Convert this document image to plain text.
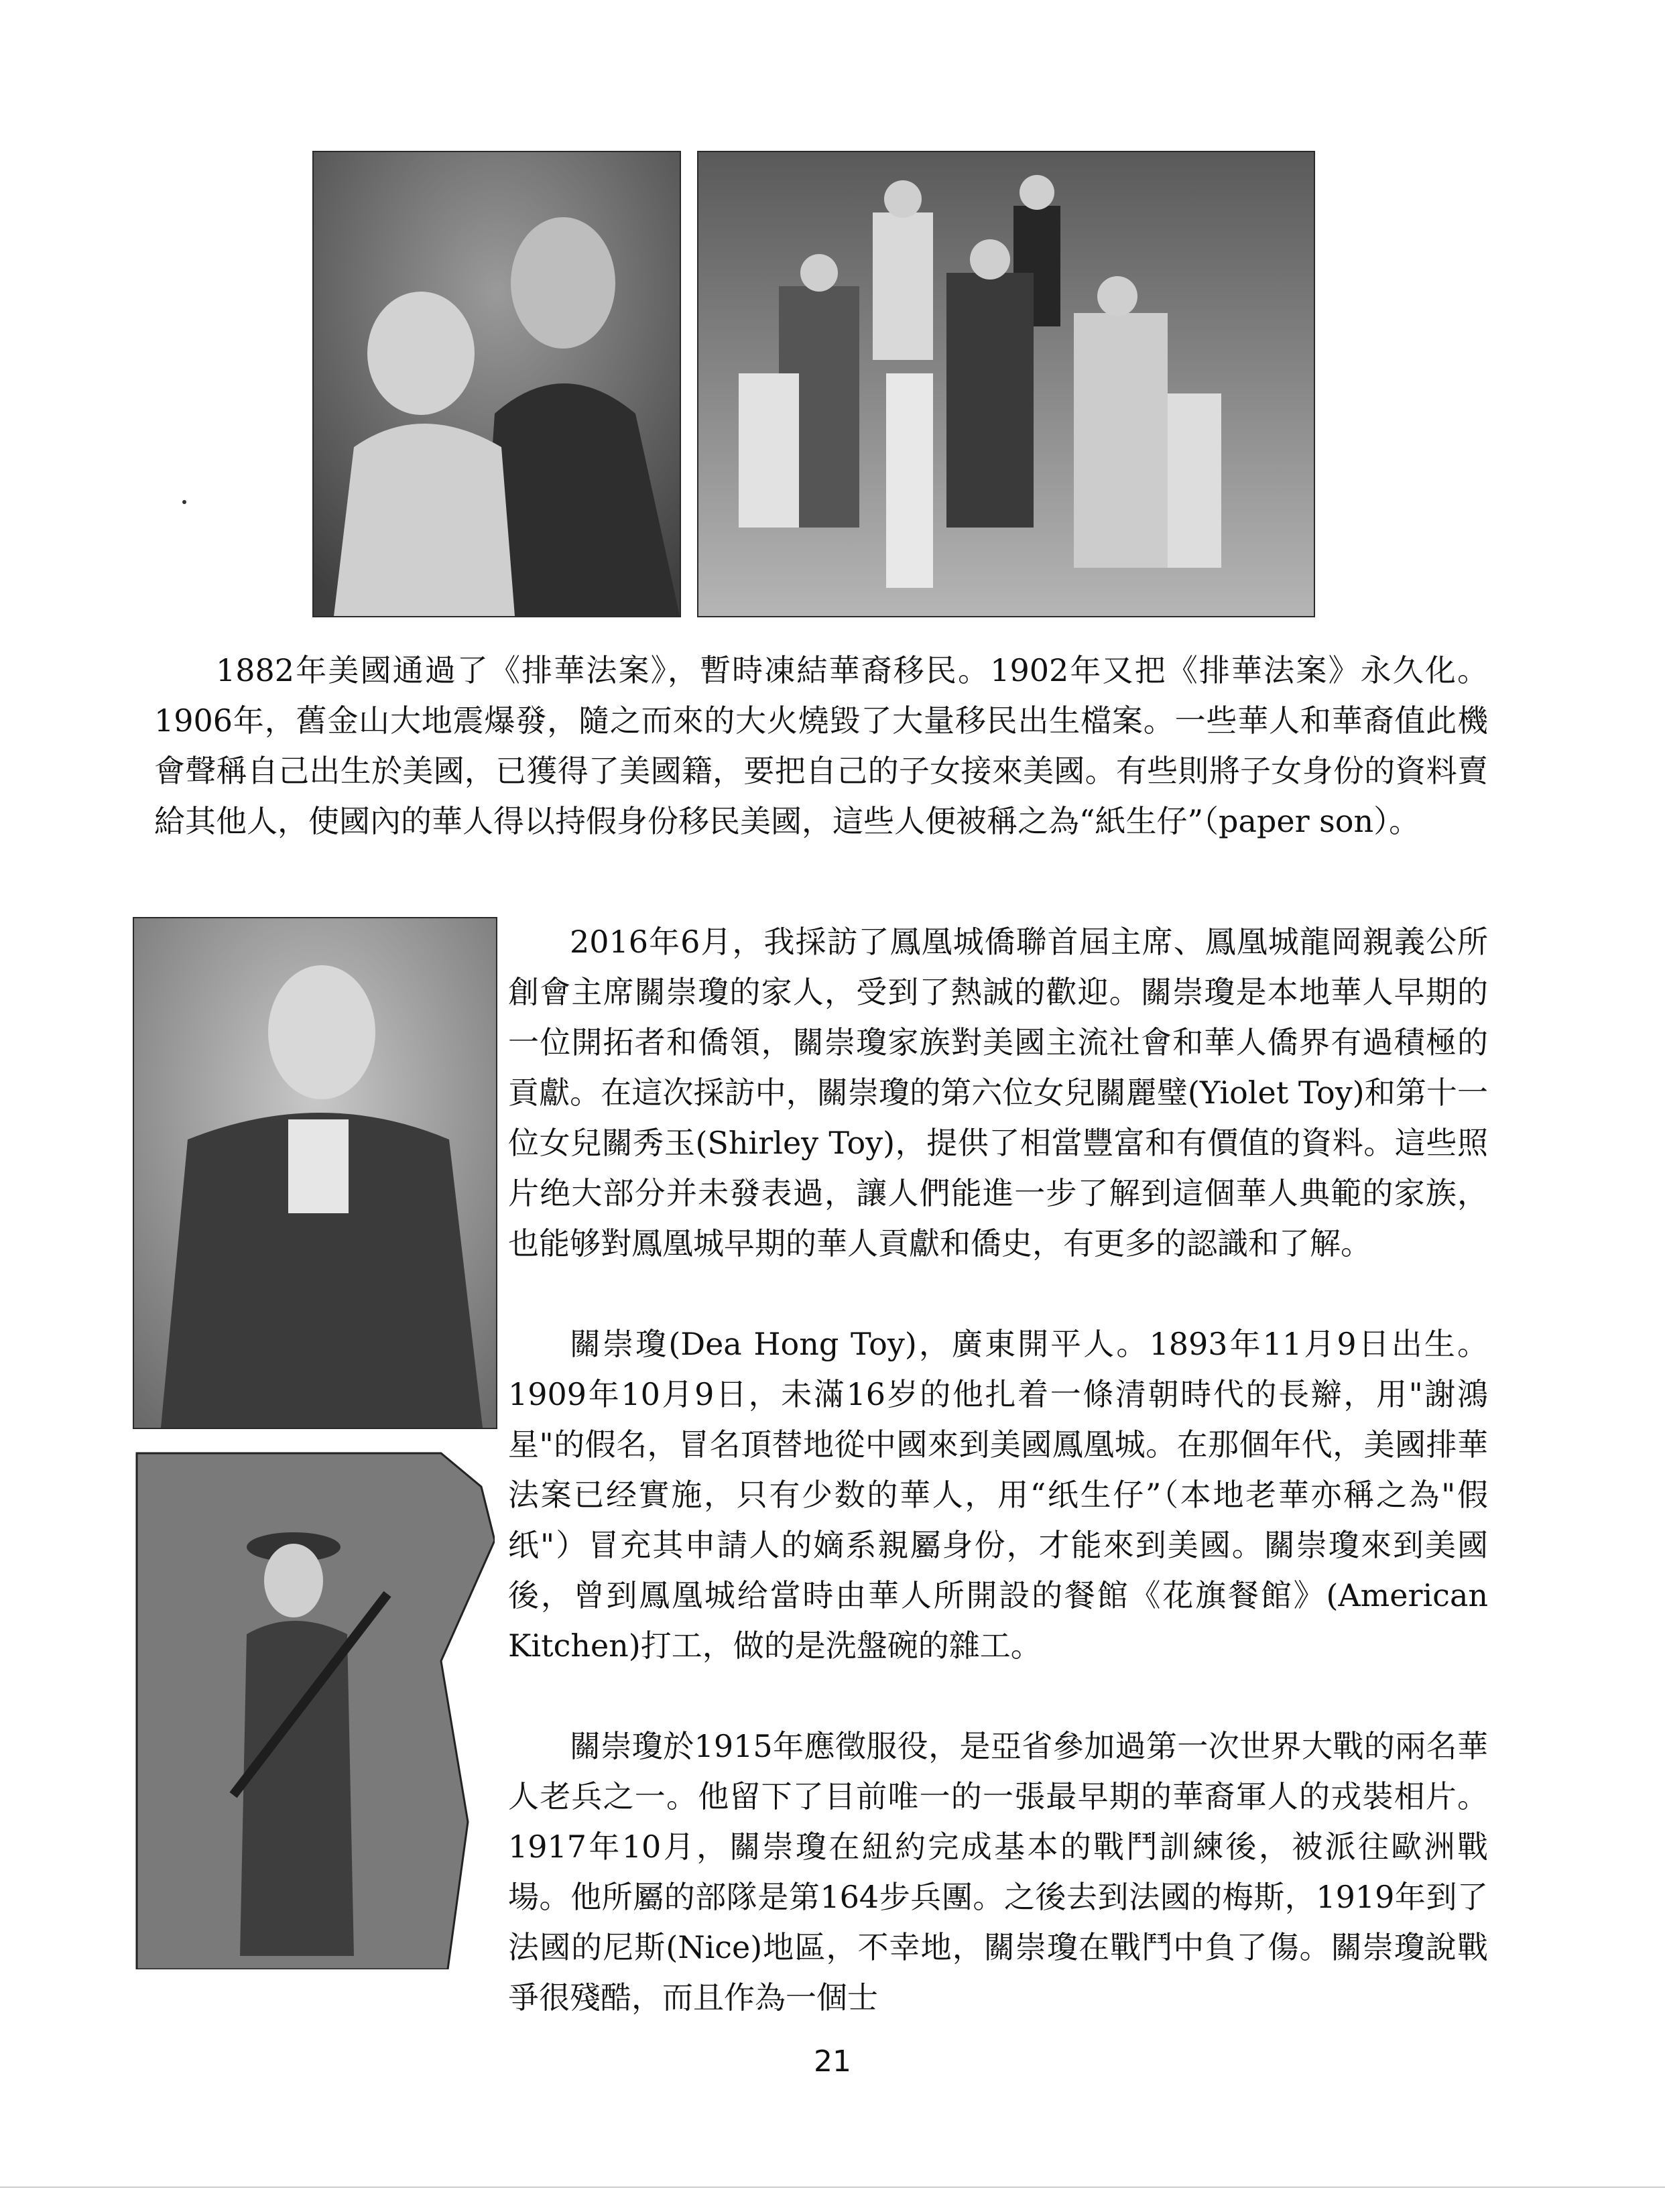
1882年美國通過了《排華法案》，暫時凍結華裔移民。1902年又把《排華法案》永久化。1906年，舊金山大地震爆發，隨之而來的大火燒毀了大量移民出生檔案。一些華人和華裔值此機會聲稱自己出生於美國，已獲得了美國籍，要把自己的子女接來美國。有些則將子女身份的資料賣給其他人，使國內的華人得以持假身份移民美國，這些人便被稱之為“紙生仔”（paper son）。

2016年6月，我採訪了鳳凰城僑聯首屆主席、鳳凰城龍岡親義公所創會主席關崇瓊的家人，受到了熱誠的歡迎。關崇瓊是本地華人早期的一位開拓者和僑領，關崇瓊家族對美國主流社會和華人僑界有過積極的貢獻。在這次採訪中，關崇瓊的第六位女兒關麗璧(Yiolet Toy)和第十一位女兒關秀玉(Shirley Toy)，提供了相當豐富和有價值的資料。這些照片绝大部分并未發表過，讓人們能進一步了解到這個華人典範的家族，也能够對鳳凰城早期的華人貢獻和僑史，有更多的認識和了解。

關崇瓊(Dea Hong Toy)，廣東開平人。1893年11月9日出生。1909年10月9日，未滿16岁的他扎着一條清朝時代的長辮，用"謝鴻星"的假名，冒名頂替地從中國來到美國鳳凰城。在那個年代，美國排華法案已经實施，只有少数的華人，用“纸生仔”（本地老華亦稱之為"假纸"）冒充其申請人的嫡系親屬身份，才能來到美國。關崇瓊來到美國後，曾到鳳凰城给當時由華人所開設的餐館《花旗餐館》(American Kitchen)打工，做的是洗盤碗的雜工。

關崇瓊於1915年應徵服役，是亞省參加過第一次世界大戰的兩名華人老兵之一。他留下了目前唯一的一張最早期的華裔軍人的戎裝相片。1917年10月，關崇瓊在紐約完成基本的戰鬥訓練後，被派往歐洲戰場。他所屬的部隊是第164步兵團。之後去到法國的梅斯，1919年到了法國的尼斯(Nice)地區，不幸地，關崇瓊在戰鬥中負了傷。關崇瓊說戰爭很殘酷，而且作為一個士

21
